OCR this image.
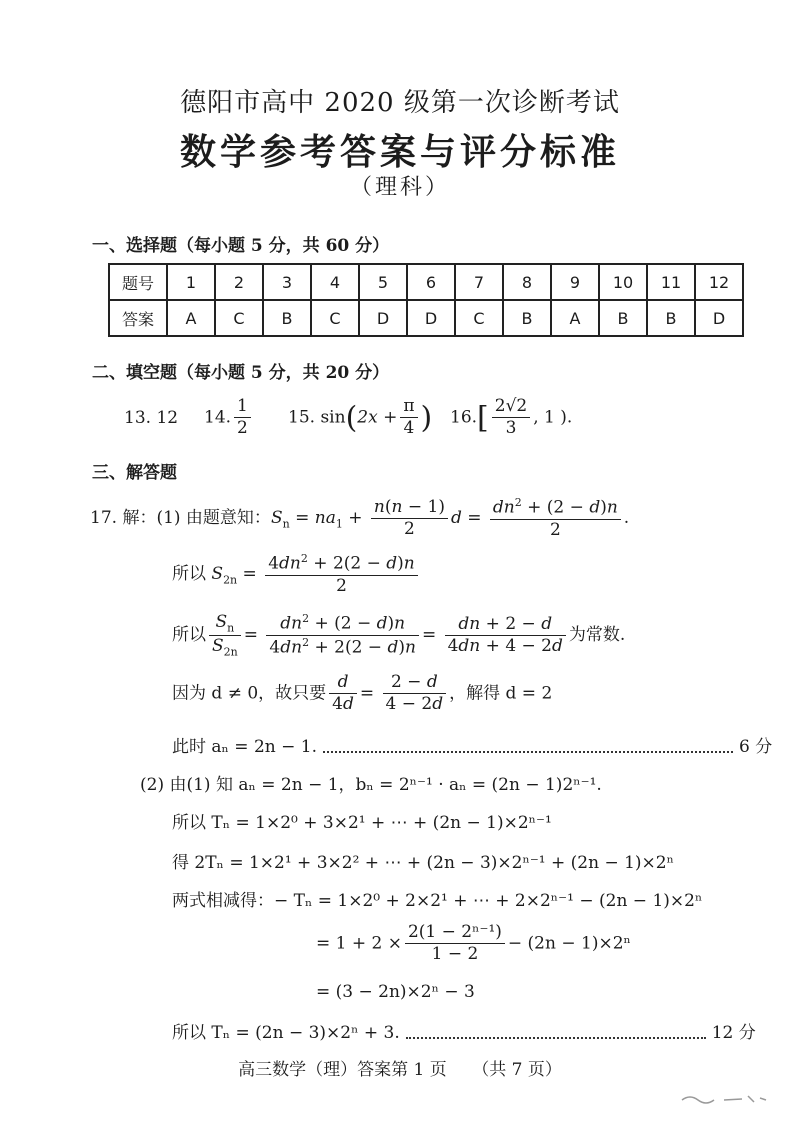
德阳市高中 2020 级第一次诊断考试
数学参考答案与评分标准
（理科）
一、选择题（每小题 5 分，共 60 分）
题号	1	2	3	4	5	6	7	8	9	10	11	12
答案	A	C	B	C	D	D	C	B	A	B	B	D
二、填空题（每小题 5 分，共 20 分）
13. 12 14. $\frac{1}{2} 15$. $\sin(2x + \frac{\pi}{4}$ ) $16.[ \frac{2√2}{3}$ , 1 ).
三、解答题
17. 解：(1) 由题意知：$S_n = na_1 + \frac{n(n - 1)}{2}$ $d = \frac{dn^2 + (2 - d)n}{2}$ .
所以 $S_{2n} = \frac{4dn^2 + 2(2 - d)n}{2}$
所以 $\frac{S_n}{S_{2n}} = \frac{dn^2 + (2 - d)n}{4dn^2 + 2(2 - d)n} = \frac{dn + 2 - d}{4dn + 4 - 2d}$ 为常数.
因为 d ≠ 0，故只要 $\frac{d}{4d} = \frac{2 - d}{4 - 2d}$ ，解得 d = 2
此时 aₙ = 2n − 1.	6 分
(2) 由(1) 知 aₙ = 2n − 1，bₙ = 2ⁿ⁻¹ · aₙ = (2n − 1)2ⁿ⁻¹.
所以 Tₙ = 1×2⁰ + 3×2¹ + ⋯ + (2n − 1)×2ⁿ⁻¹
得 2Tₙ = 1×2¹ + 3×2² + ⋯ + (2n − 3)×2ⁿ⁻¹ + (2n − 1)×2ⁿ
两式相减得：− Tₙ = 1×2⁰ + 2×2¹ + ⋯ + 2×2ⁿ⁻¹ − (2n − 1)×2ⁿ
= $1 + 2 \times \frac{\text{2(1 − 2ⁿ⁻¹)}}{1 - 2} - (2n - 1)\times 2^n$
= (3 − 2n)×2ⁿ − 3
所以 Tₙ = (2n − 3)×2ⁿ + 3.	12 分
高三数学（理）答案第 1 页　　（共 7 页）
